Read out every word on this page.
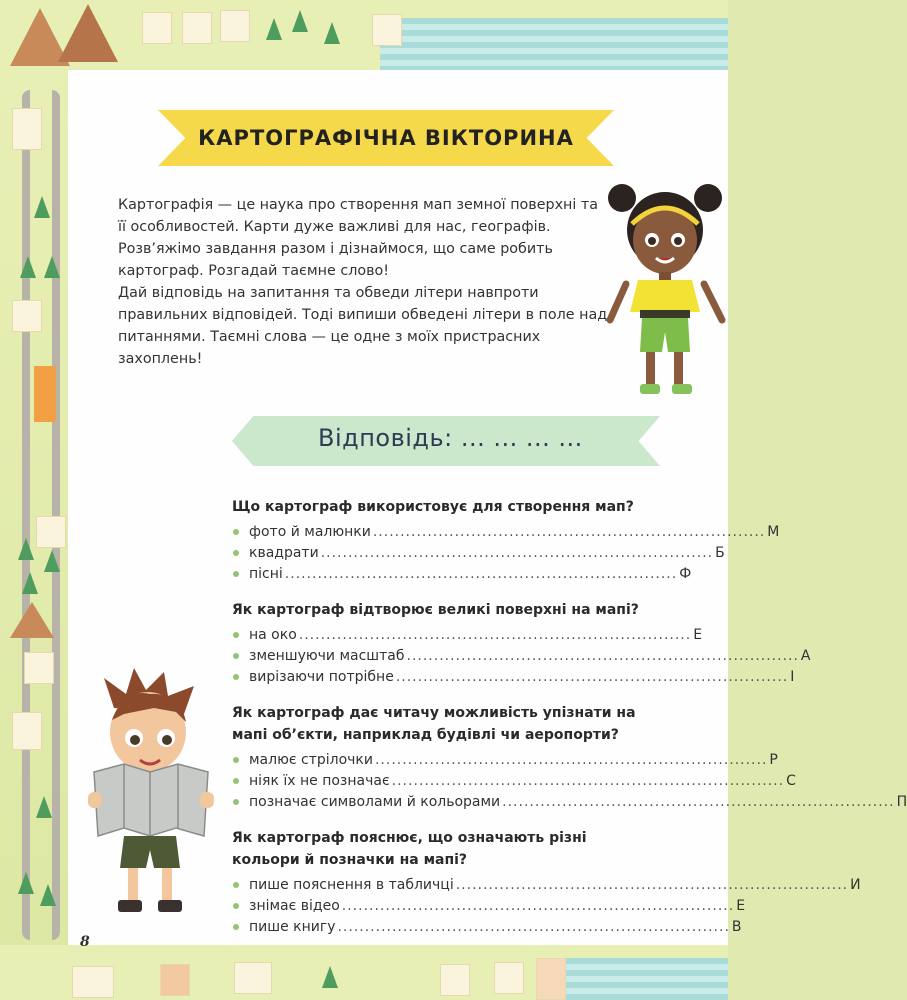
КАРТОГРАФІЧНА ВІКТОРИНА

Картографія — це наука про створення мап земної поверхні та її особливостей. Карти дуже важливі для нас, географів.

Розв’яжімо завдання разом і дізнаймося, що саме робить картограф. Розгадай таємне слово!

Дай відповідь на запитання та обведи літери навпроти правильних відповідей. Тоді випиши обведені літери в поле над питаннями. Таємні слова — це одне з моїх пристрасних захоплень!

Відповідь: ... ... ... ...
Що картограф використовує для створення мап?
фото й малюнки ........................................................................ М
квадрати ........................................................................ Б
пісні ........................................................................ Ф
Як картограф відтворює великі поверхні на мапі?
на око ........................................................................ Е
зменшуючи масштаб ........................................................................ А
вирізаючи потрібне ........................................................................ І
Як картограф дає читачу можливість упізнати на мапі об’єкти, наприклад будівлі чи аеропорти?
малює стрілочки ........................................................................ Р
ніяк їх не позначає ........................................................................ С
позначає символами й кольорами ........................................................................ П
Як картограф пояснює, що означають різні кольори й позначки на мапі?
пише пояснення в табличці ........................................................................ И
знімає відео ........................................................................ Е
пише книгу ........................................................................ В
8
